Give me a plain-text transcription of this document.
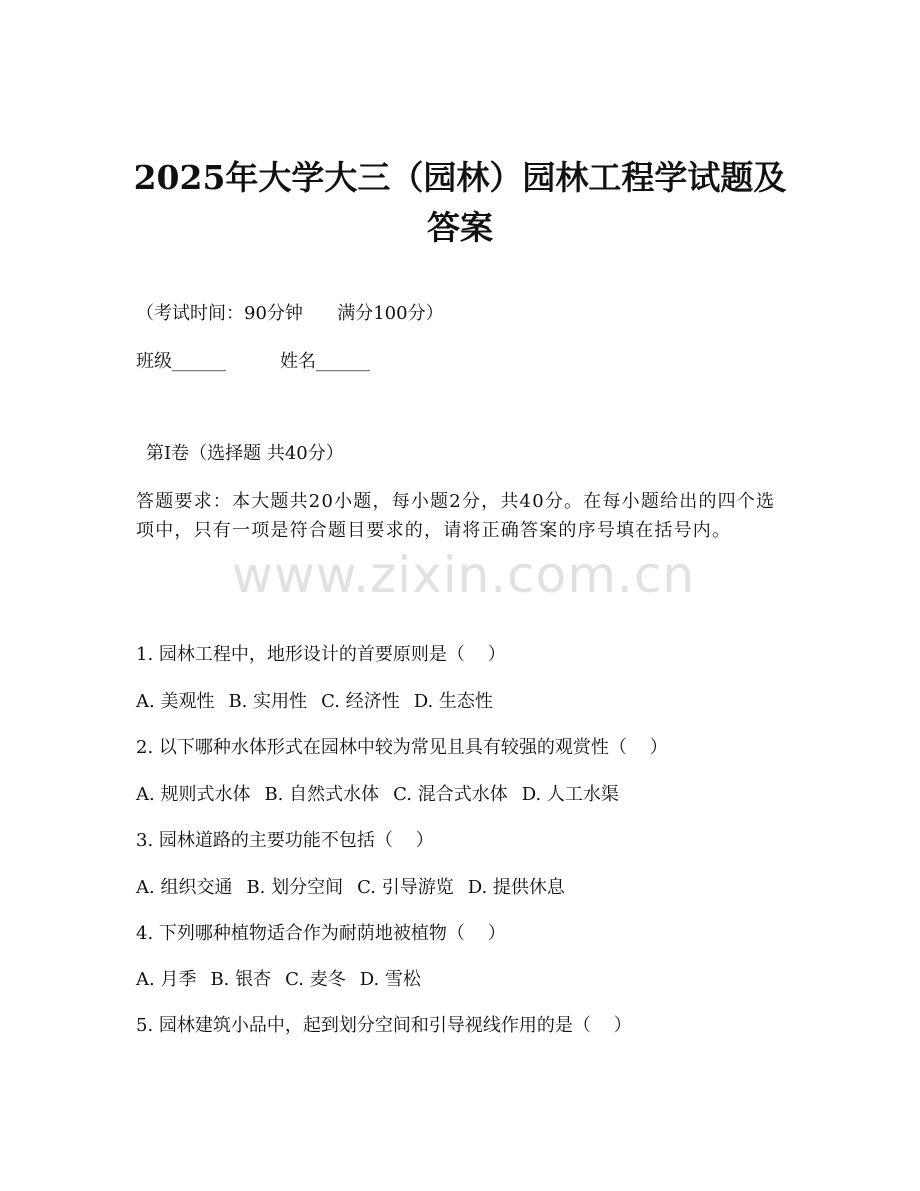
2025年大学大三（园林）园林工程学试题及
答案
（考试时间：90分钟      满分100分）
班级______	姓名______
第Ⅰ卷（选择题 共40分）
答题要求：本大题共20小题，每小题2分，共40分。在每小题给出的四个选项中，只有一项是符合题目要求的，请将正确答案的序号填在括号内。
www.zixin.com.cn
1. 园林工程中，地形设计的首要原则是（    ）
A. 美观性 B. 实用性 C. 经济性 D. 生态性
2. 以下哪种水体形式在园林中较为常见且具有较强的观赏性（    ）
A. 规则式水体 B. 自然式水体 C. 混合式水体 D. 人工水渠
3. 园林道路的主要功能不包括（    ）
A. 组织交通 B. 划分空间 C. 引导游览 D. 提供休息
4. 下列哪种植物适合作为耐荫地被植物（    ）
A. 月季 B. 银杏 C. 麦冬 D. 雪松
5. 园林建筑小品中，起到划分空间和引导视线作用的是（    ）
